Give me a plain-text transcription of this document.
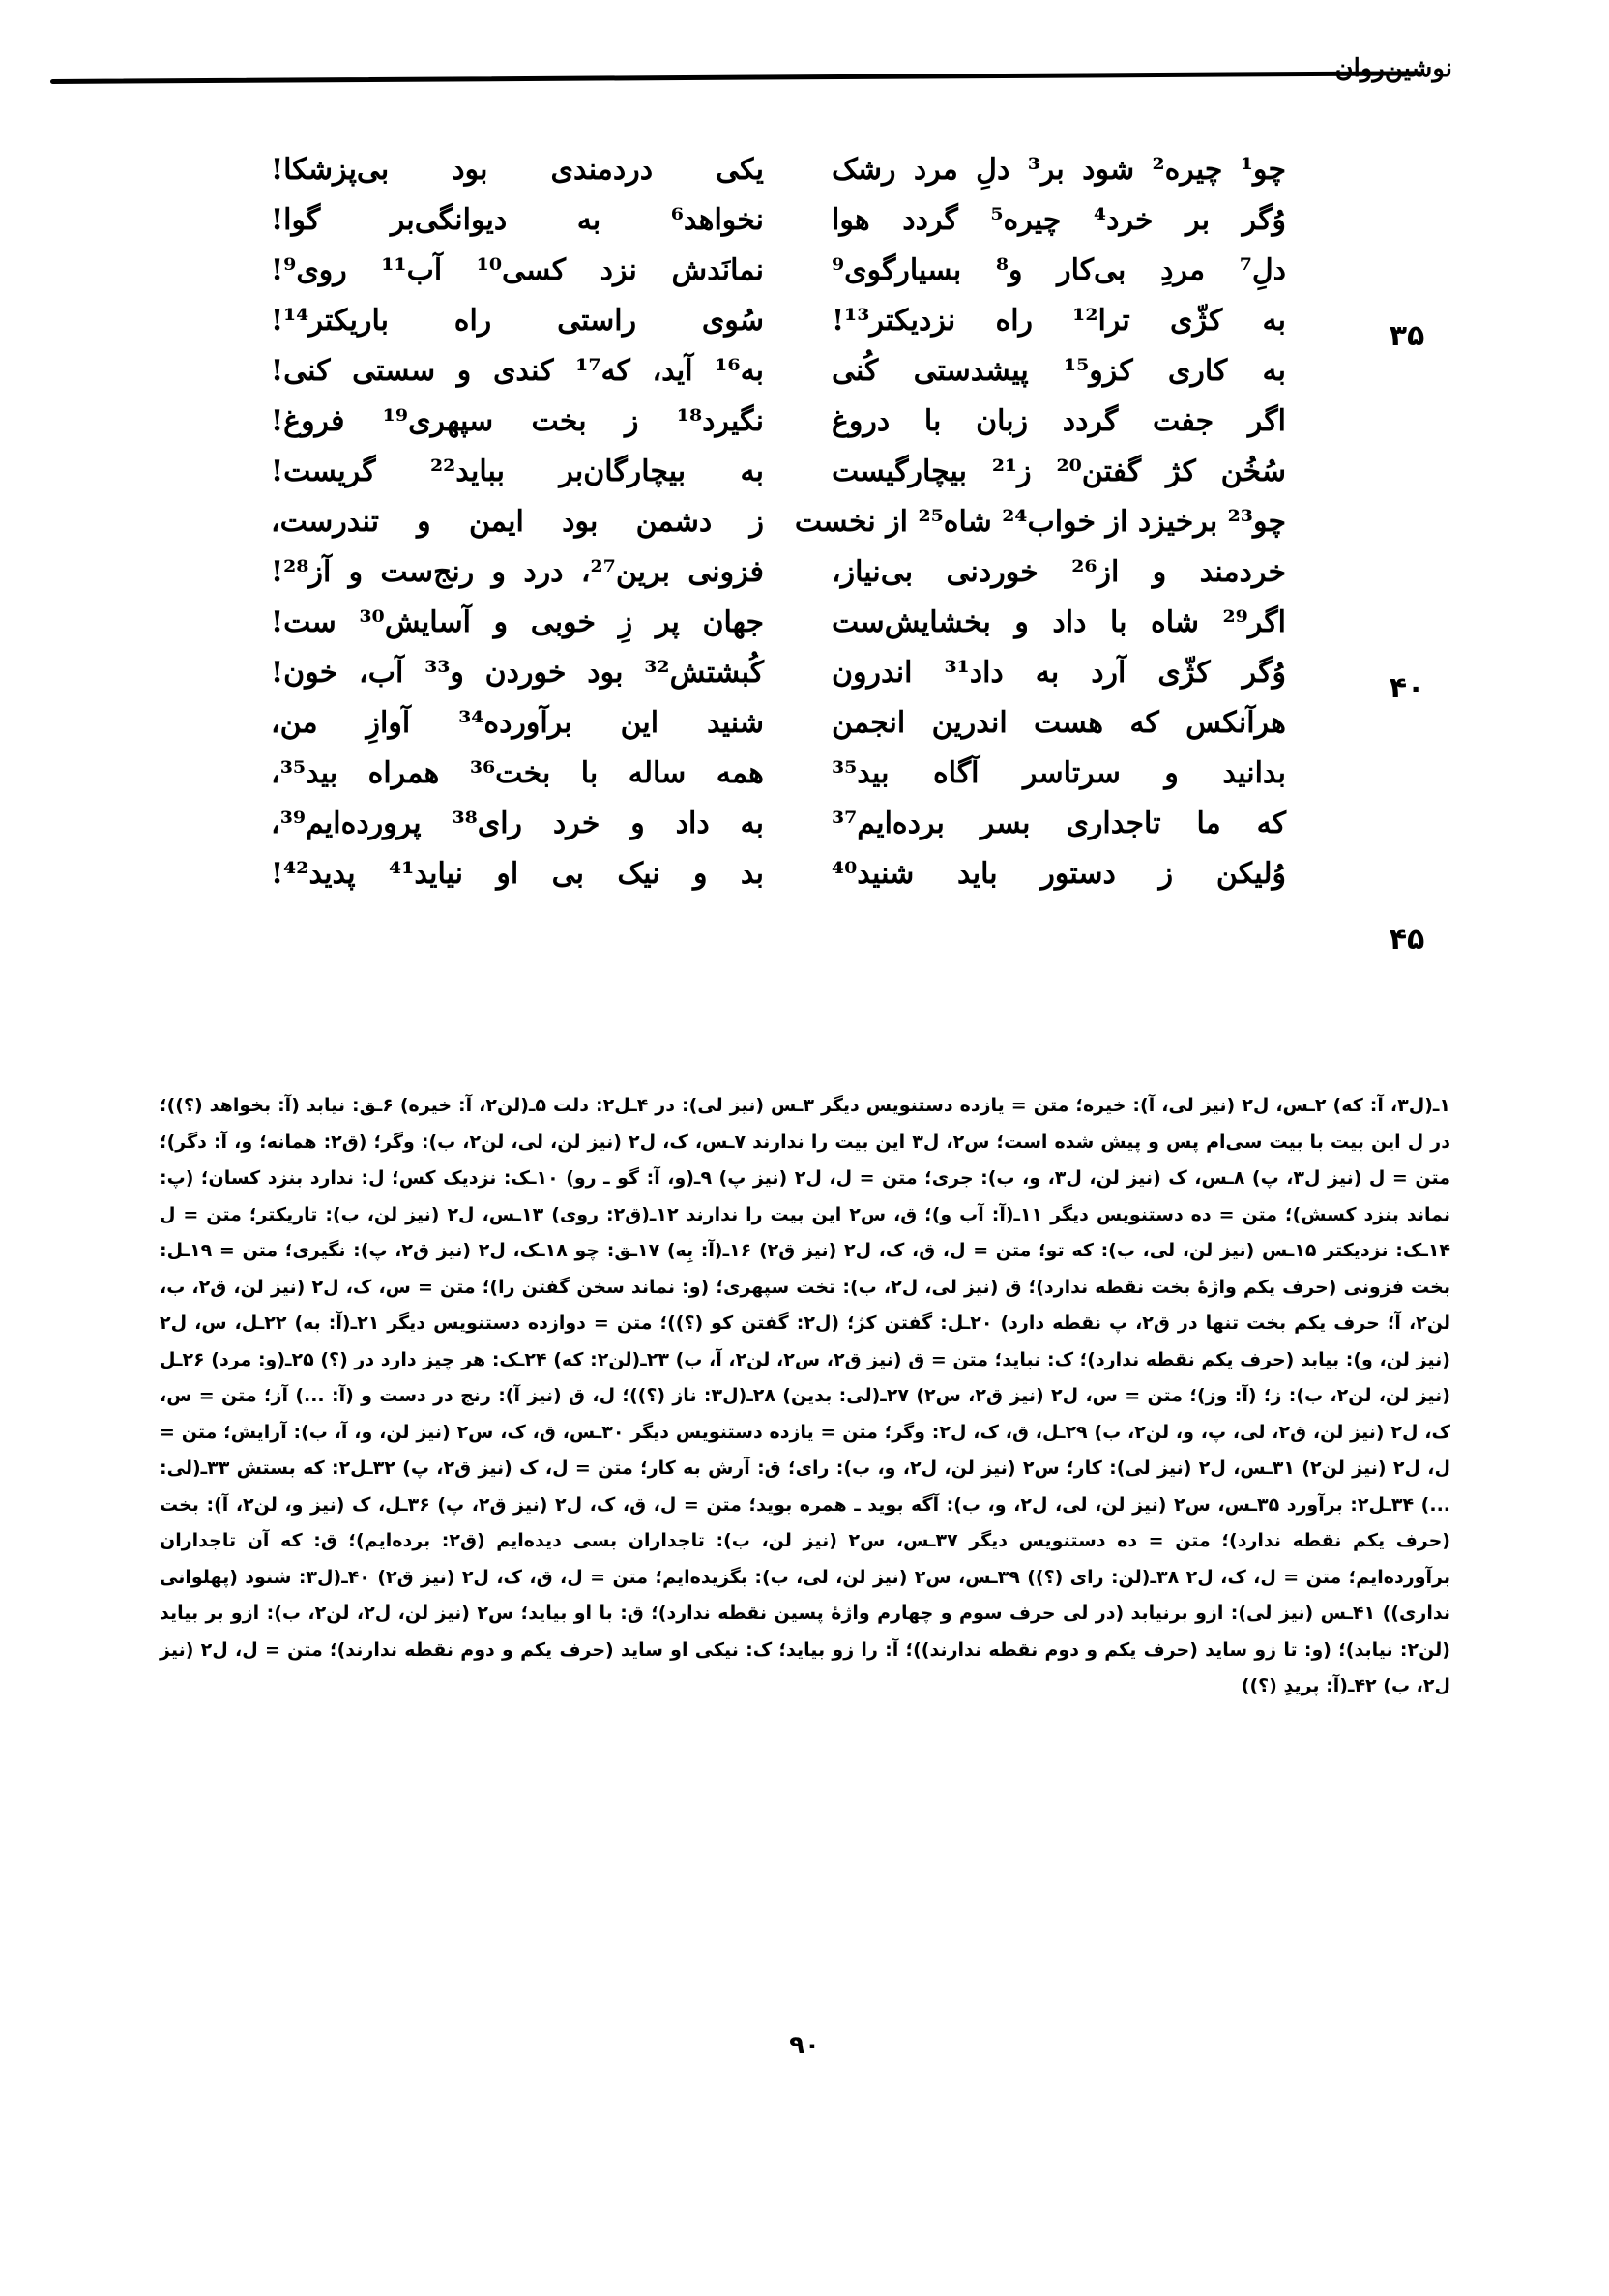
نوشین‌روان
چو¹ چیره² شود بر³ دلِ مرد رشک
وُگر بر خرد⁴ چیره⁵ گردد هوا
دلِ⁷ مردِ بی‌کار و⁸ بسیارگوی⁹
به کژّی ترا¹² راه نزدیکتر¹³!
به کاری کزو¹⁵ پیشدستی کُنی
اگر جفت گردد زبان با دروغ
سُخُن کژ گفتن²⁰ ز²¹ بیچارگیست
چو²³ برخیزد از خواب²⁴ شاه²⁵ از نخست
خردمند و از²⁶ خوردنی بی‌نیاز،
اگر²⁹ شاه با داد و بخشایش‌ست
وُگر کژّی آرد به داد³¹ اندرون
هرآنکس که هست اندرین انجمن
بدانید و سرتاسر آگاه بید³⁵
که ما تاجداری بسر برده‌ایم³⁷
وُلیکن ز دستور باید شنید⁴⁰
یکی دردمندی بود بی‌پزشکا!
نخواهد⁶ به دیوانگی‌بر گوا!
نمانَدش نزد کسی¹⁰ آب¹¹ روی⁹!
سُوی راستی راه باریکتر¹⁴!
به¹⁶ آید، که¹⁷ کندی و سستی کنی!
نگیرد¹⁸ ز بخت سپهری¹⁹ فروغ!
به بیچارگان‌بر بباید²² گریست!
ز دشمن بود ایمن و تندرست،
فزونی برین²⁷، درد و رنج‌ست و آز²⁸!
جهان پر زِ خوبی و آسایش³⁰ ست!
کُبشتش³² بود خوردن و³³ آب، خون!
شنید این برآورده³⁴ آوازِ من،
همه ساله با بخت³⁶ همراه بید³⁵،
به داد و خرد رای³⁸ پرورده‌ایم³⁹،
بد و نیک بی او نیاید⁴¹ پدید⁴²!
۳۵
۴۰
۴۵
۱ـ(ل۳، آ: که) ۲ـس، ل۲ (نیز لی، آ): خیره؛ متن = یازده دستنویس دیگر ۳ـس (نیز لی): در ۴ـل۲: دلت ۵ـ(لن۲، آ: خیره) ۶ـق: نیابد (آ: بخواهد (؟))؛ در ل این بیت با بیت سی‌ام پس و پیش شده است؛ س۲، ل۳ این بیت را ندارند ۷ـس، ک، ل۲ (نیز لن، لی، لن۲، ب): وگر؛ (ق۲: همانه؛ و، آ: دگر)؛ متن = ل (نیز ل۳، پ) ۸ـس، ک (نیز لن، ل۳، و، ب): جری؛ متن = ل، ل۲ (نیز پ) ۹ـ(و، آ: گو ـ رو) ۱۰ـک: نزدیک کس؛ ل: ندارد بنزد کسان؛ (پ: نماند بنزد کسش)؛ متن = ده دستنویس دیگر ۱۱ـ(آ: آب و)؛ ق، س۲ این بیت را ندارند ۱۲ـ(ق۲: روی) ۱۳ـس، ل۲ (نیز لن، ب): تاریکتر؛ متن = ل ۱۴ـک: نزدیکتر ۱۵ـس (نیز لن، لی، ب): که تو؛ متن = ل، ق، ک، ل۲ (نیز ق۲) ۱۶ـ(آ: بِه) ۱۷ـق: چو ۱۸ـک، ل۲ (نیز ق۲، پ): نگیری؛ متن = ۱۹ـل: بخت فزونی (حرف یکم واژهٔ بخت نقطه ندارد)؛ ق (نیز لی، ل۲، ب): تخت سپهری؛ (و: نماند سخن گفتن را)؛ متن = س، ک، ل۲ (نیز لن، ق۲، ب، لن۲، آ؛ حرف یکم بخت تنها در ق۲، پ نقطه دارد) ۲۰ـل: گفتن کژ؛ (ل۲: گفتن کو (؟))؛ متن = دوازده دستنویس دیگر ۲۱ـ(آ: به) ۲۲ـل، س، ل۲ (نیز لن، و): بیابد (حرف یکم نقطه ندارد)؛ ک: نباید؛ متن = ق (نیز ق۲، س۲، لن۲، آ، ب) ۲۳ـ(لن۲: که) ۲۴ـک: هر چیز دارد در (؟) ۲۵ـ(و: مرد) ۲۶ـل (نیز لن، لن۲، ب): ز؛ (آ: وز)؛ متن = س، ل۲ (نیز ق۲، س۲) ۲۷ـ(لی: بدین) ۲۸ـ(ل۳: ناز (؟))؛ ل، ق (نیز آ): رنج در دست و (آ: ...) آز؛ متن = س، ک، ل۲ (نیز لن، ق۲، لی، پ، و، لن۲، ب) ۲۹ـل، ق، ک، ل۲: وگر؛ متن = یازده دستنویس دیگر ۳۰ـس، ق، ک، س۲ (نیز لن، و، آ، ب): آرایش؛ متن = ل، ل۲ (نیز لن۲) ۳۱ـس، ل۲ (نیز لی): کار؛ س۲ (نیز لن، ل۲، و، ب): رای؛ ق: آرش به کار؛ متن = ل، ک (نیز ق۲، پ) ۳۲ـل۲: که بستش ۳۳ـ(لی: ...) ۳۴ـل۲: برآورد ۳۵ـس، س۲ (نیز لن، لی، ل۲، و، ب): آگه بوید ـ همره بوید؛ متن = ل، ق، ک، ل۲ (نیز ق۲، پ) ۳۶ـل، ک (نیز و، لن۲، آ): بخت (حرف یکم نقطه ندارد)؛ متن = ده دستنویس دیگر ۳۷ـس، س۲ (نیز لن، ب): تاجداران بسی دیده‌ایم (ق۲: برده‌ایم)؛ ق: که آن تاجداران برآورده‌ایم؛ متن = ل، ک، ل۲ ۳۸ـ(لن: رای (؟)) ۳۹ـس، س۲ (نیز لن، لی، ب): بگزیده‌ایم؛ متن = ل، ق، ک، ل۲ (نیز ق۲) ۴۰ـ(ل۳: شنود (پهلوانی نداری)) ۴۱ـس (نیز لی): ازو برنیابد (در لی حرف سوم و چهارم واژهٔ پسین نقطه ندارد)؛ ق: با او بیاید؛ س۲ (نیز لن، ل۲، لن۲، ب): ازو بر بیاید (لن۲: نیابد)؛ (و: تا زو ساید (حرف یکم و دوم نقطه ندارند))؛ آ: را زو بیاید؛ ک: نیکی او ساید (حرف یکم و دوم نقطه ندارند)؛ متن = ل، ل۲ (نیز ل۲، ب) ۴۲ـ(آ: پریدِ (؟))
۹۰
